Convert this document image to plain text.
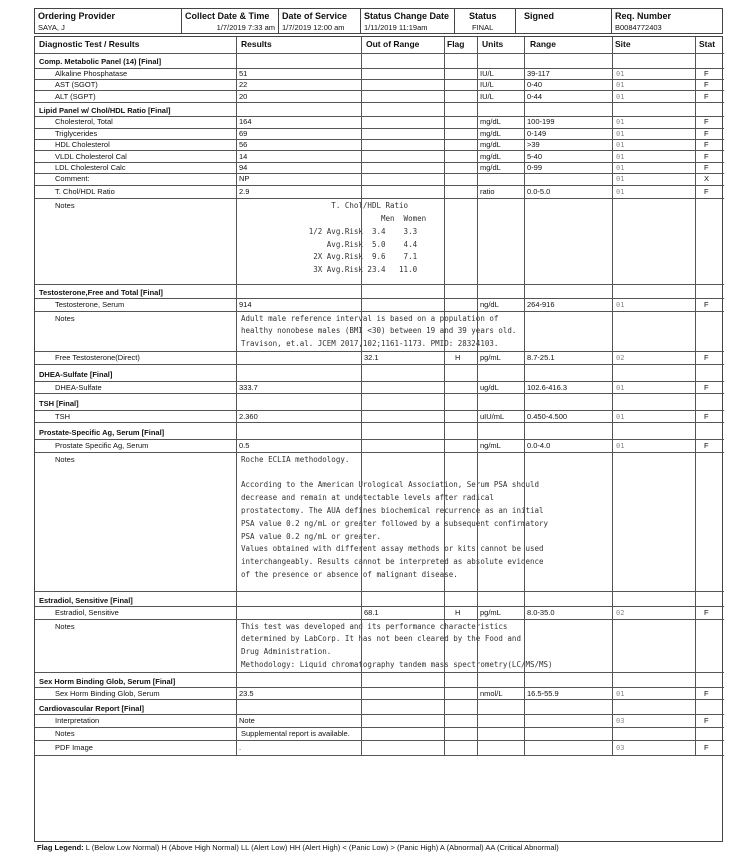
Ordering Provider
SAYA, J
Collect Date & Time
1/7/2019 7:33 am
Date of Service
1/7/2019 12:00 am
Status Change Date
1/11/2019 11:19am
Status
FINAL
Signed	Req. Number
B0084772403
Diagnostic Test / Results	Results	Out of Range	Flag Units	Range	Site	Stat
Comp. Metabolic Panel (14) [Final]
Alkaline Phosphatase	51	IU/L	39-117	01	F
AST (SGOT)	22	IU/L	0-40	01	F
ALT (SGPT)	20	IU/L	0-44	01	F
Lipid Panel w/ Chol/HDL Ratio [Final]
Cholesterol, Total	164	mg/dL	100-199	01	F
Triglycerides	69	mg/dL	0-149	01	F
HDL Cholesterol	56	mg/dL	>39	01	F
VLDL Cholesterol Cal	14	mg/dL	5-40	01	F
LDL Cholesterol Calc	94	mg/dL	0-99	01	F
Comment:	NP	01	X
T. Chol/HDL Ratio	2.9	ratio	0.0-5.0	01	F
Notes	T. Chol/HDL Ratio
Men  Women
1/2 Avg.Risk  3.4    3.3
Avg.Risk  5.0    4.4
2X Avg.Risk  9.6    7.1
3X Avg.Risk 23.4   11.0
Testosterone,Free and Total [Final]
Testosterone, Serum	914	ng/dL	264-916	01	F
Notes	Adult male reference interval is based on a population of
healthy nonobese males (BMI <30) between 19 and 39 years old.
Travison, et.al. JCEM 2017,102;1161-1173. PMID: 28324103.
Free Testosterone(Direct)	32.1	H	pg/mL	8.7-25.1	02	F
DHEA-Sulfate [Final]
DHEA-Sulfate	333.7	ug/dL	102.6-416.3	01	F
TSH [Final]
TSH	2.360	uIU/mL	0.450-4.500	01	F
Prostate-Specific Ag, Serum [Final]
Prostate Specific Ag, Serum	0.5	ng/mL	0.0-4.0	01	F
Notes	Roche ECLIA methodology.

According to the American Urological Association, Serum PSA should
decrease and remain at undetectable levels after radical
prostatectomy. The AUA defines biochemical recurrence as an initial
PSA value 0.2 ng/mL or greater followed by a subsequent confirmatory
PSA value 0.2 ng/mL or greater.
Values obtained with different assay methods or kits cannot be used
interchangeably. Results cannot be interpreted as absolute evidence
of the presence or absence of malignant disease.
Estradiol, Sensitive [Final]
Estradiol, Sensitive	68.1	H	pg/mL	8.0-35.0	02	F
Notes	This test was developed and its performance characteristics
determined by LabCorp. It has not been cleared by the Food and
Drug Administration.
Methodology: Liquid chromatography tandem mass spectrometry(LC/MS/MS)
Sex Horm Binding Glob, Serum [Final]
Sex Horm Binding Glob, Serum	23.5	nmol/L	16.5-55.9	01	F
Cardiovascular Report [Final]
Interpretation	Note	03	F
Notes	Supplemental report is available.
PDF Image	.	03	F
Flag Legend: L (Below Low Normal) H (Above High Normal) LL (Alert Low) HH (Alert High) < (Panic Low) > (Panic High) A (Abnormal) AA (Critical Abnormal)
